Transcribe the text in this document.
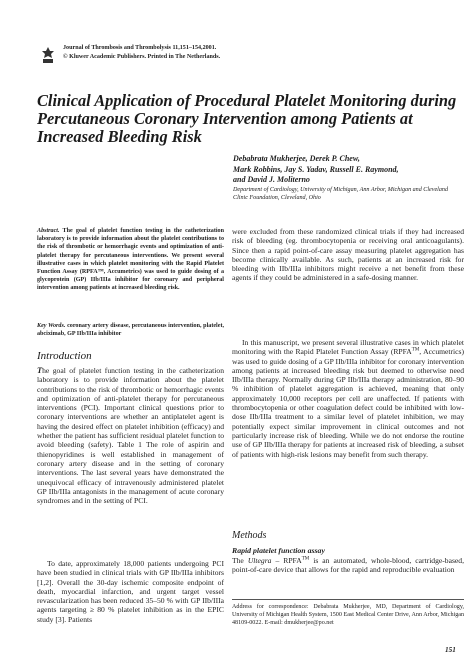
Journal of Thrombosis and Thrombolysis 11,151–154,2001.
© Kluwer Academic Publishers. Printed in The Netherlands.
Clinical Application of Procedural Platelet Monitoring during Percutaneous Coronary Intervention among Patients at Increased Bleeding Risk
Debabrata Mukherjee, Derek P. Chew,
Mark Robbins, Jay S. Yadav, Russell E. Raymond,
and David J. Moliterno

Department of Cardiology, University of Michigan, Ann Arbor, Michigan and Cleveland Clinic Foundation, Cleveland, Ohio

Abstract. The goal of platelet function testing in the catheterization laboratory is to provide information about the platelet contributions to the risk of thrombotic or hemorrhagic events and optimization of anti-platelet therapy for percutaneous interventions. We present several illustrative cases in which platelet monitoring with the Rapid Platelet Function Assay (RPFA™, Accumetrics) was used to guide dosing of a glycoprotein (GP) IIb/IIIa inhibitor for coronary and peripheral intervention among patients at increased bleeding risk.

Key Words. coronary artery disease, percutaneous intervention, platelet, abciximab, GP IIb/IIIa inhibitor

Introduction

The goal of platelet function testing in the catheterization laboratory is to provide information about the platelet contributions to the risk of thrombotic or hemorrhagic events and optimization of anti-platelet therapy for percutaneous interventions (PCI). Important clinical questions prior to coronary interventions are whether an antiplatelet agent is having the desired effect on platelet inhibition (efficacy) and whether the patient has sufficient residual platelet function to avoid bleeding (safety). Table 1 The role of aspirin and thienopyridines is well established in management of coronary artery disease and in the setting of coronary interventions. The last several years have demonstrated the unequivocal efficacy of intravenously administered platelet GP IIb/IIIa antagonists in the management of acute coronary syndromes and in the setting of PCI.

To date, approximately 18,000 patients undergoing PCI have been studied in clinical trials with GP IIb/IIIa inhibitors [1,2]. Overall the 30-day ischemic composite endpoint of death, myocardial infarction, and urgent target vessel revascularization has been reduced 35–50 % with GP IIb/IIIa agents targeting ≥ 80 % platelet inhibition as in the EPIC study [3]. Patients

were excluded from these randomized clinical trials if they had increased risk of bleeding (eg. thrombocytopenia or receiving oral anticoagulants). Since then a rapid point-of-care assay measuring platelet aggregation has become clinically available. As such, patients at an increased risk for bleeding with IIb/IIIa inhibitors might receive a net benefit from these agents if they could be administered in a safe-dosing manner.

In this manuscript, we present several illustrative cases in which platelet monitoring with the Rapid Platelet Function Assay (RPFA™, Accumetrics) was used to guide dosing of a GP IIb/IIIa inhibitor for coronary intervention among patients at increased bleeding risk but deemed to otherwise need IIb/IIIa therapy. Normally during GP IIb/IIIa therapy administration, 80–90 % inhibition of platelet aggregation is achieved, meaning that only approximately 10,000 receptors per cell are unaffected. If patients with thrombocytopenia or other coagulation defect could be inhibited with low-dose IIb/IIIa treatment to a similar level of platelet inhibition, we may potentially expect similar improvement in clinical outcomes and not particularly increase risk of bleeding. While we do not endorse the routine use of GP IIb/IIIa therapy for patients at increased risk of bleeding, a subset of patients with high-risk lesions may benefit from such therapy.

Methods
Rapid platelet function assay

The Ultegra – RPFA™ is an automated, whole-blood, cartridge-based, point-of-care device that allows for the rapid and reproducible evaluation

Address for correspondence: Debabrata Mukherjee, MD, Department of Cardiology, University of Michigan Health System, 1500 East Medical Center Drive, Ann Arbor, Michigan 48109-0022. E-mail: dmukherjee@po.net

151
